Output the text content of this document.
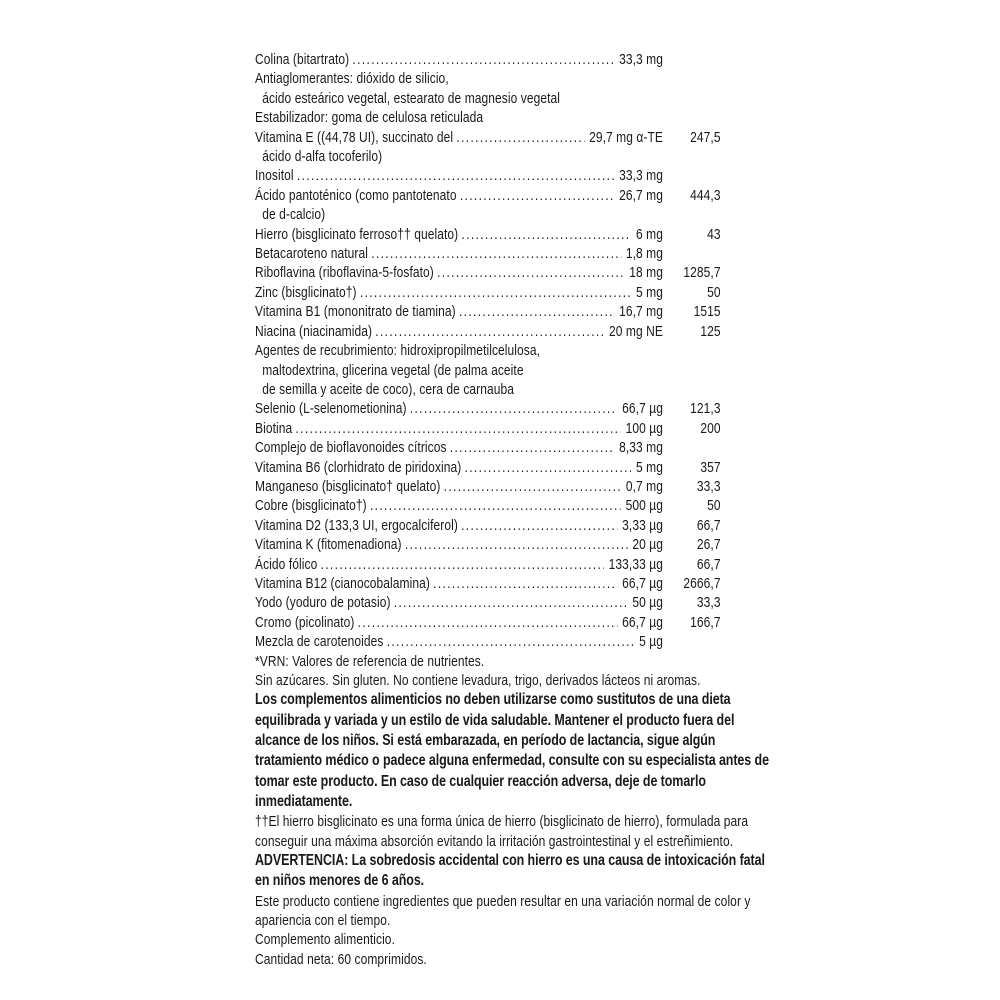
Colina (bitartrato) .....	33,3 mg
Antiaglomerantes: dióxido de silicio,
ácido esteárico vegetal, estearato de magnesio vegetal
Estabilizador: goma de celulosa reticulada
Vitamina E ((44,78 UI), succinato del .....	29,7 mg α-TE	247,5
ácido d-alfa tocoferilo)
Inositol .....	33,3 mg
Ácido pantoténico (como pantotenato .....	26,7 mg	444,3
de d-calcio)
Hierro (bisglicinato ferroso†† quelato) .....	6 mg	43
Betacaroteno natural .....	1,8 mg
Riboflavina (riboflavina-5-fosfato) .....	18 mg	1285,7
Zinc (bisglicinato†) .....	5 mg	50
Vitamina B1 (mononitrato de tiamina) .....	16,7 mg	1515
Niacina (niacinamida) .....	20 mg NE	125
Agentes de recubrimiento: hidroxipropilmetilcelulosa,
maltodextrina, glicerina vegetal (de palma aceite
de semilla y aceite de coco), cera de carnauba
Selenio (L-selenometionina) .....	66,7 µg	121,3
Biotina .....	100 µg	200
Complejo de bioflavonoides cítricos .....	8,33 mg
Vitamina B6 (clorhidrato de piridoxina) .....	5 mg	357
Manganeso (bisglicinato† quelato) .....	0,7 mg	33,3
Cobre (bisglicinato†) .....	500 µg	50
Vitamina D2 (133,3 UI, ergocalciferol) .....	3,33 µg	66,7
Vitamina K (fitomenadiona) .....	20 µg	26,7
Ácido fólico .....	133,33 µg	66,7
Vitamina B12 (cianocobalamina) .....	66,7 µg	2666,7
Yodo (yoduro de potasio) .....	50 µg	33,3
Cromo (picolinato) .....	66,7 µg	166,7
Mezcla de carotenoides .....	5 µg

*VRN: Valores de referencia de nutrientes.

Sin azúcares. Sin gluten. No contiene levadura, trigo, derivados lácteos ni aromas.

Los complementos alimenticios no deben utilizarse como sustitutos de una dieta equilibrada y variada y un estilo de vida saludable. Mantener el producto fuera del alcance de los niños. Si está embarazada, en período de lactancia, sigue algún tratamiento médico o padece alguna enfermedad, consulte con su especialista antes de tomar este producto. En caso de cualquier reacción adversa, deje de tomarlo inmediatamente.

††El hierro bisglicinato es una forma única de hierro (bisglicinato de hierro), formulada para conseguir una máxima absorción evitando la irritación gastrointestinal y el estreñimiento.

ADVERTENCIA: La sobredosis accidental con hierro es una causa de intoxicación fatal en niños menores de 6 años.

Este producto contiene ingredientes que pueden resultar en una variación normal de color y apariencia con el tiempo.

Complemento alimenticio.

Cantidad neta: 60 comprimidos.
